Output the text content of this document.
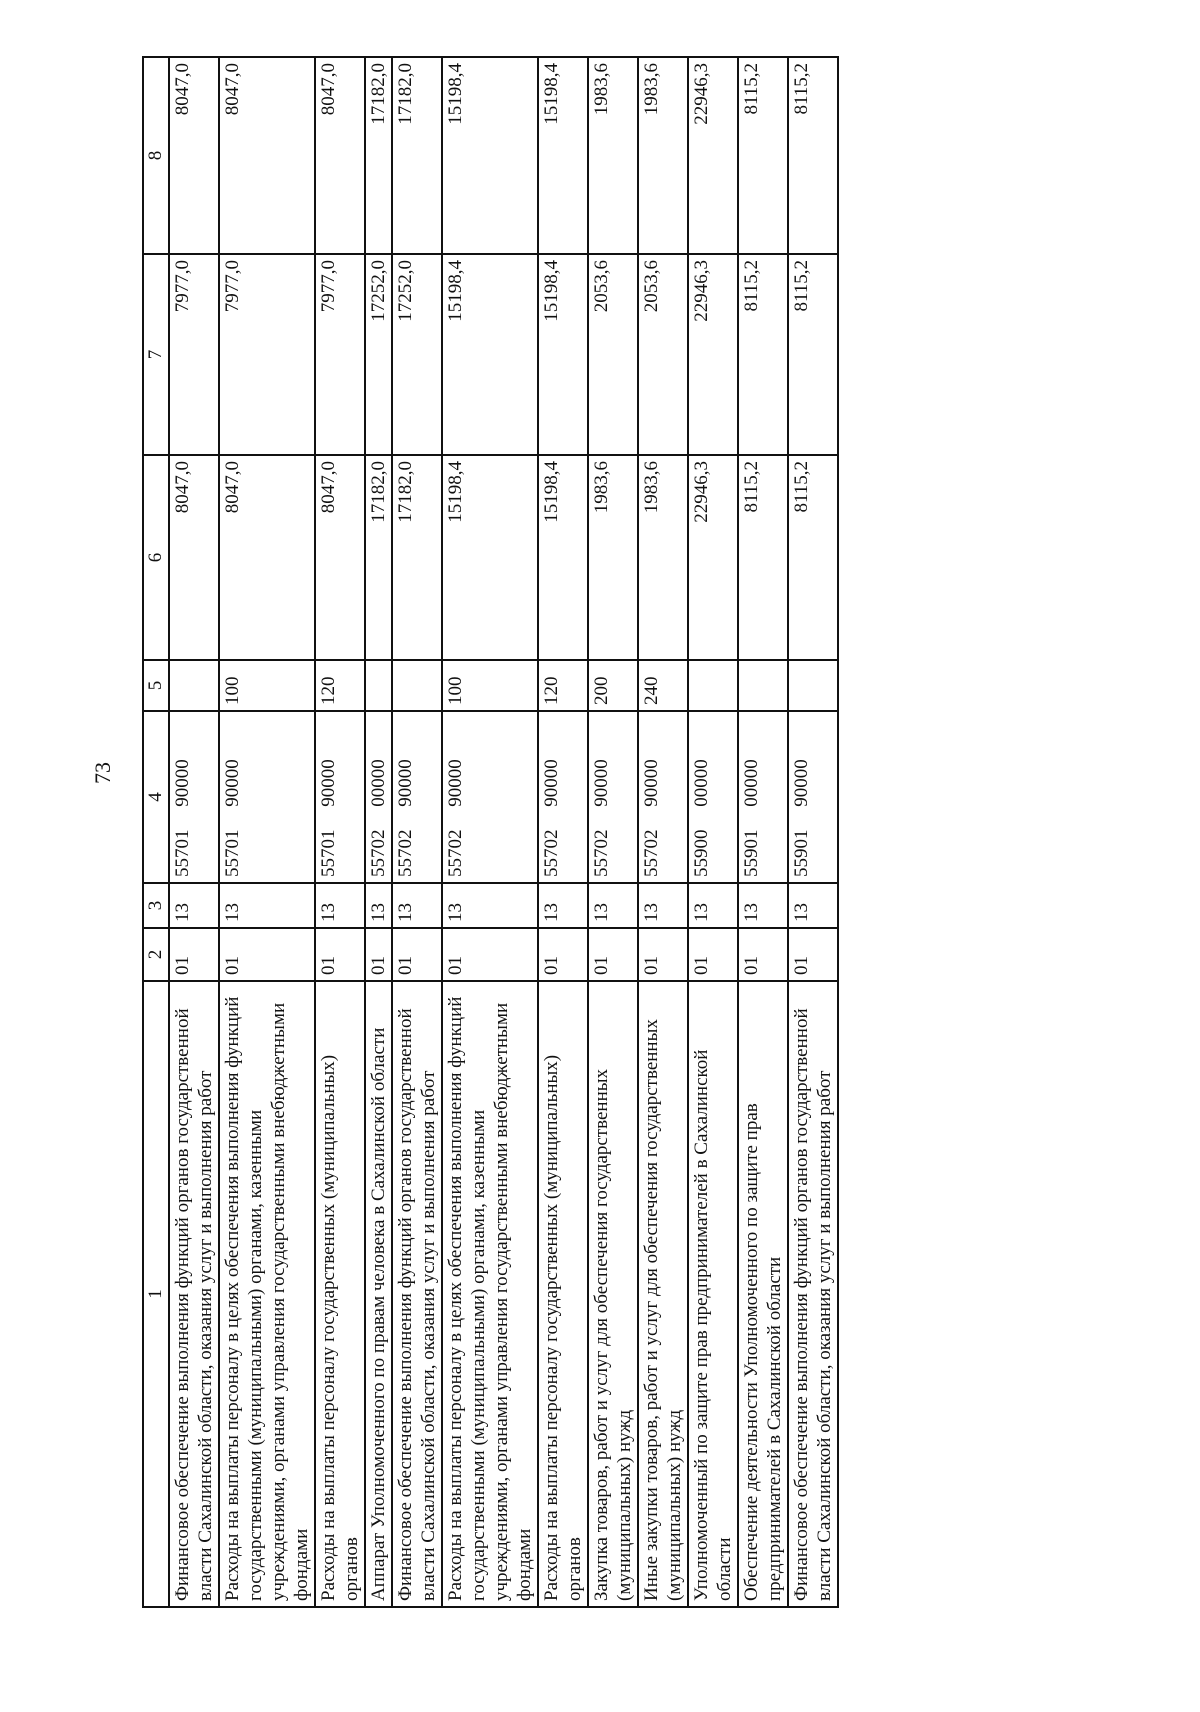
73
1	2	3	4	5	6	7	8
Финансовое обеспечение выполнения функций органов государственной власти Сахалинской области, оказания услуг и выполнения работ	01	13	55701 90000		8047,0	7977,0	8047,0
Расходы на выплаты персоналу в целях обеспечения выполнения функций государственными (муниципальными) органами, казенными учреждениями, органами управления государственными внебюджетными фондами	01	13	55701 90000	100	8047,0	7977,0	8047,0
Расходы на выплаты персоналу государственных (муниципальных) органов	01	13	55701 90000	120	8047,0	7977,0	8047,0
Аппарат Уполномоченного по правам человека в Сахалинской области	01	13	55702 00000		17182,0	17252,0	17182,0
Финансовое обеспечение выполнения функций органов государственной власти Сахалинской области, оказания услуг и выполнения работ	01	13	55702 90000		17182,0	17252,0	17182,0
Расходы на выплаты персоналу в целях обеспечения выполнения функций государственными (муниципальными) органами, казенными учреждениями, органами управления государственными внебюджетными фондами	01	13	55702 90000	100	15198,4	15198,4	15198,4
Расходы на выплаты персоналу государственных (муниципальных) органов	01	13	55702 90000	120	15198,4	15198,4	15198,4
Закупка товаров, работ и услуг для обеспечения государственных (муниципальных) нужд	01	13	55702 90000	200	1983,6	2053,6	1983,6
Иные закупки товаров, работ и услуг для обеспечения государственных (муниципальных) нужд	01	13	55702 90000	240	1983,6	2053,6	1983,6
Уполномоченный по защите прав предпринимателей в Сахалинской области	01	13	55900 00000		22946,3	22946,3	22946,3
Обеспечение деятельности Уполномоченного по защите прав предпринимателей в Сахалинской области	01	13	55901 00000		8115,2	8115,2	8115,2
Финансовое обеспечение выполнения функций органов государственной власти Сахалинской области, оказания услуг и выполнения работ	01	13	55901 90000		8115,2	8115,2	8115,2
